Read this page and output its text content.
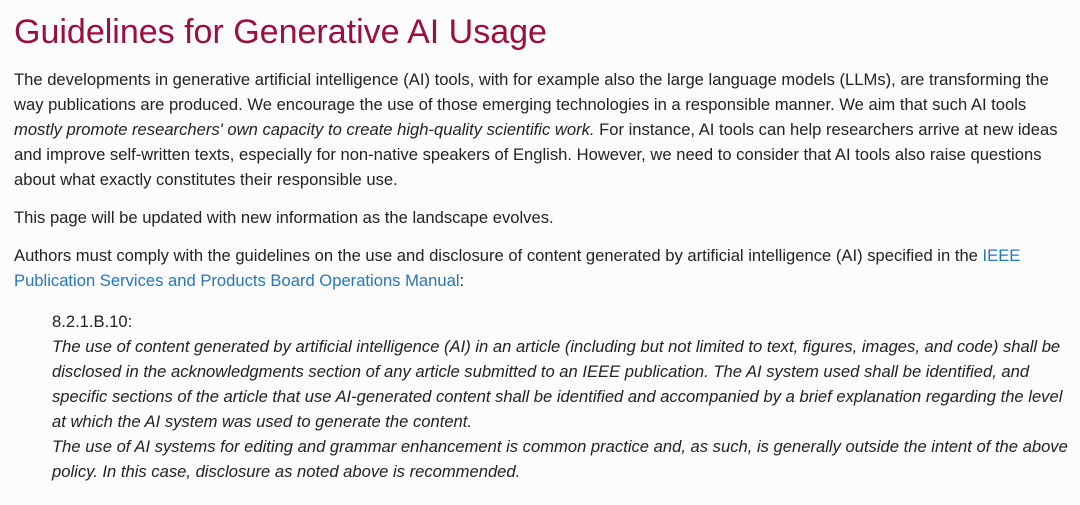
Guidelines for Generative AI Usage

The developments in generative artificial intelligence (AI) tools, with for example also the large language models (LLMs), are transforming the way publications are produced. We encourage the use of those emerging technologies in a responsible manner. We aim that such AI tools mostly promote researchers' own capacity to create high-quality scientific work. For instance, AI tools can help researchers arrive at new ideas and improve self-written texts, especially for non-native speakers of English. However, we need to consider that AI tools also raise questions about what exactly constitutes their responsible use.

This page will be updated with new information as the landscape evolves.

Authors must comply with the guidelines on the use and disclosure of content generated by artificial intelligence (AI) specified in the IEEE Publication Services and Products Board Operations Manual:

8.2.1.B.10:
The use of content generated by artificial intelligence (AI) in an article (including but not limited to text, figures, images, and code) shall be disclosed in the acknowledgments section of any article submitted to an IEEE publication. The AI system used shall be identified, and specific sections of the article that use AI-generated content shall be identified and accompanied by a brief explanation regarding the level at which the AI system was used to generate the content.
The use of AI systems for editing and grammar enhancement is common practice and, as such, is generally outside the intent of the above policy. In this case, disclosure as noted above is recommended.
